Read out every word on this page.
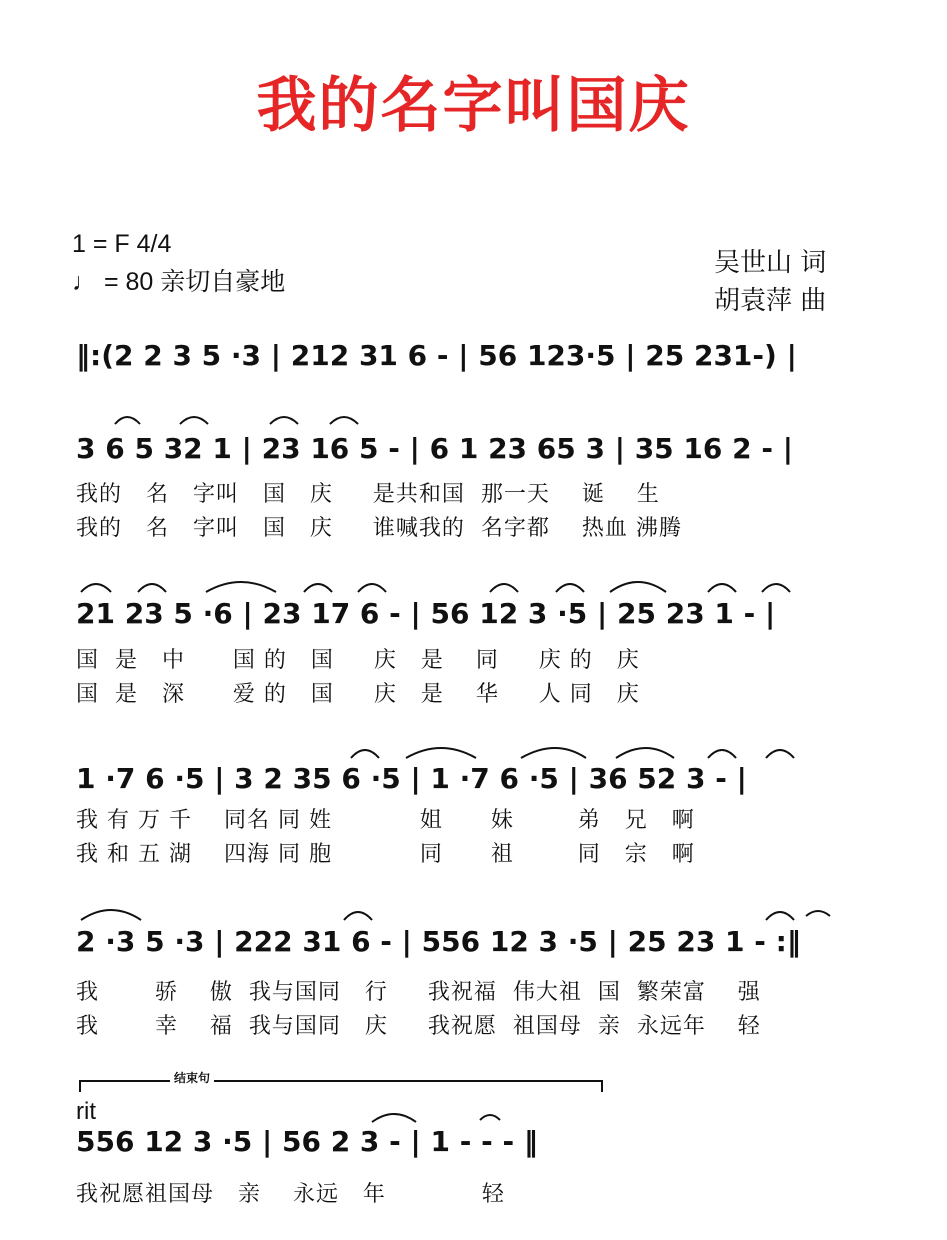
我的名字叫国庆
1 = F 4/4
♩ = 80 亲切自豪地
吴世山 词
胡袁萍 曲
‖:(2 2 3 5 ·3 | 212 31 6 - | 56 123·5 | 25 231-) |
3 6 5 32 1 | 23 16 5 - | 6 1 23 65 3 | 35 16 2 - |
我的   名   字叫   国   庆     是共和国  那一天    诞    生
我的   名   字叫   国   庆     谁喊我的  名字都    热血 沸腾
21 23 5 ·6 | 23 17 6 - | 56 12 3 ·5 | 25 23 1 - |
国  是   中      国 的   国     庆   是    同     庆 的   庆
国  是   深      爱 的   国     庆   是    华     人 同   庆
1 ·7 6 ·5 | 3 2 35 6 ·5 | 1 ·7 6 ·5 | 36 52 3 - |
我 有 万 千    同名 同 姓           姐      妹        弟   兄   啊
我 和 五 湖    四海 同 胞           同      祖        同   宗   啊
2 ·3 5 ·3 | 222 31 6 - | 556 12 3 ·5 | 25 23 1 - :‖
我       骄    傲  我与国同   行     我祝福  伟大祖  国  繁荣富    强
我       幸    福  我与国同   庆     我祝愿  祖国母  亲  永远年    轻
结束句
rit
556 12 3 ·5 | 56 2 3 - | 1 - - - ‖
我祝愿祖国母   亲    永远   年            轻
